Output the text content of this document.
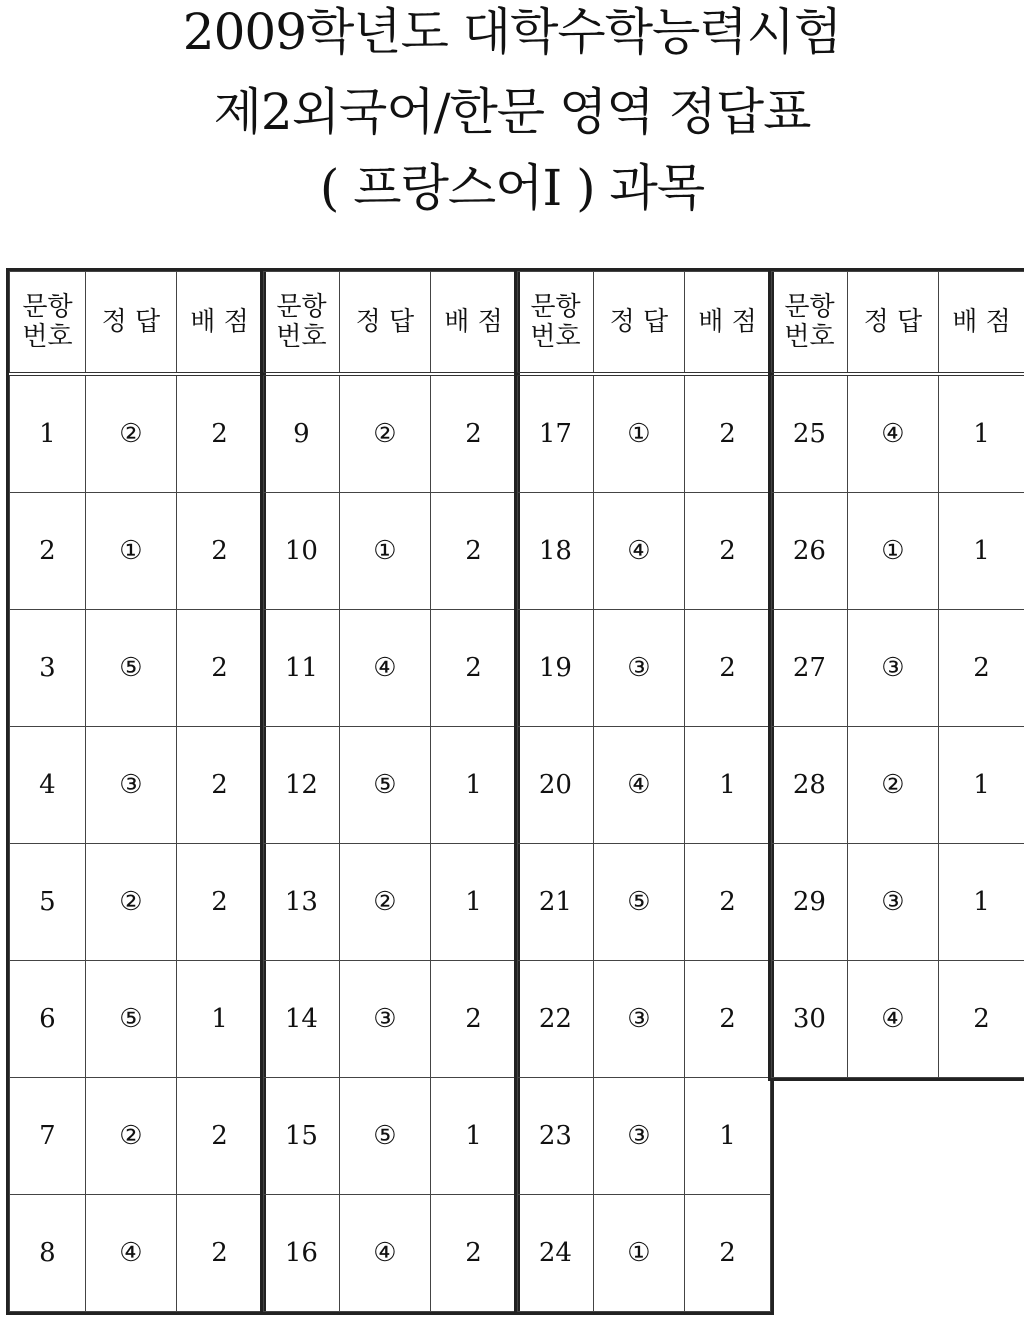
2009학년도 대학수학능력시험
제2외국어/한문 영역 정답표
( 프랑스어Ⅰ ) 과목
문항
번호	정 답	배 점
1	②	2
2	①	2
3	⑤	2
4	③	2
5	②	2
6	⑤	1
7	②	2
8	④	2
문항
번호	정 답	배 점
9	②	2
10	①	2
11	④	2
12	⑤	1
13	②	1
14	③	2
15	⑤	1
16	④	2
문항
번호	정 답	배 점
17	①	2
18	④	2
19	③	2
20	④	1
21	⑤	2
22	③	2
23	③	1
24	①	2
문항
번호	정 답	배 점
25	④	1
26	①	1
27	③	2
28	②	1
29	③	1
30	④	2
